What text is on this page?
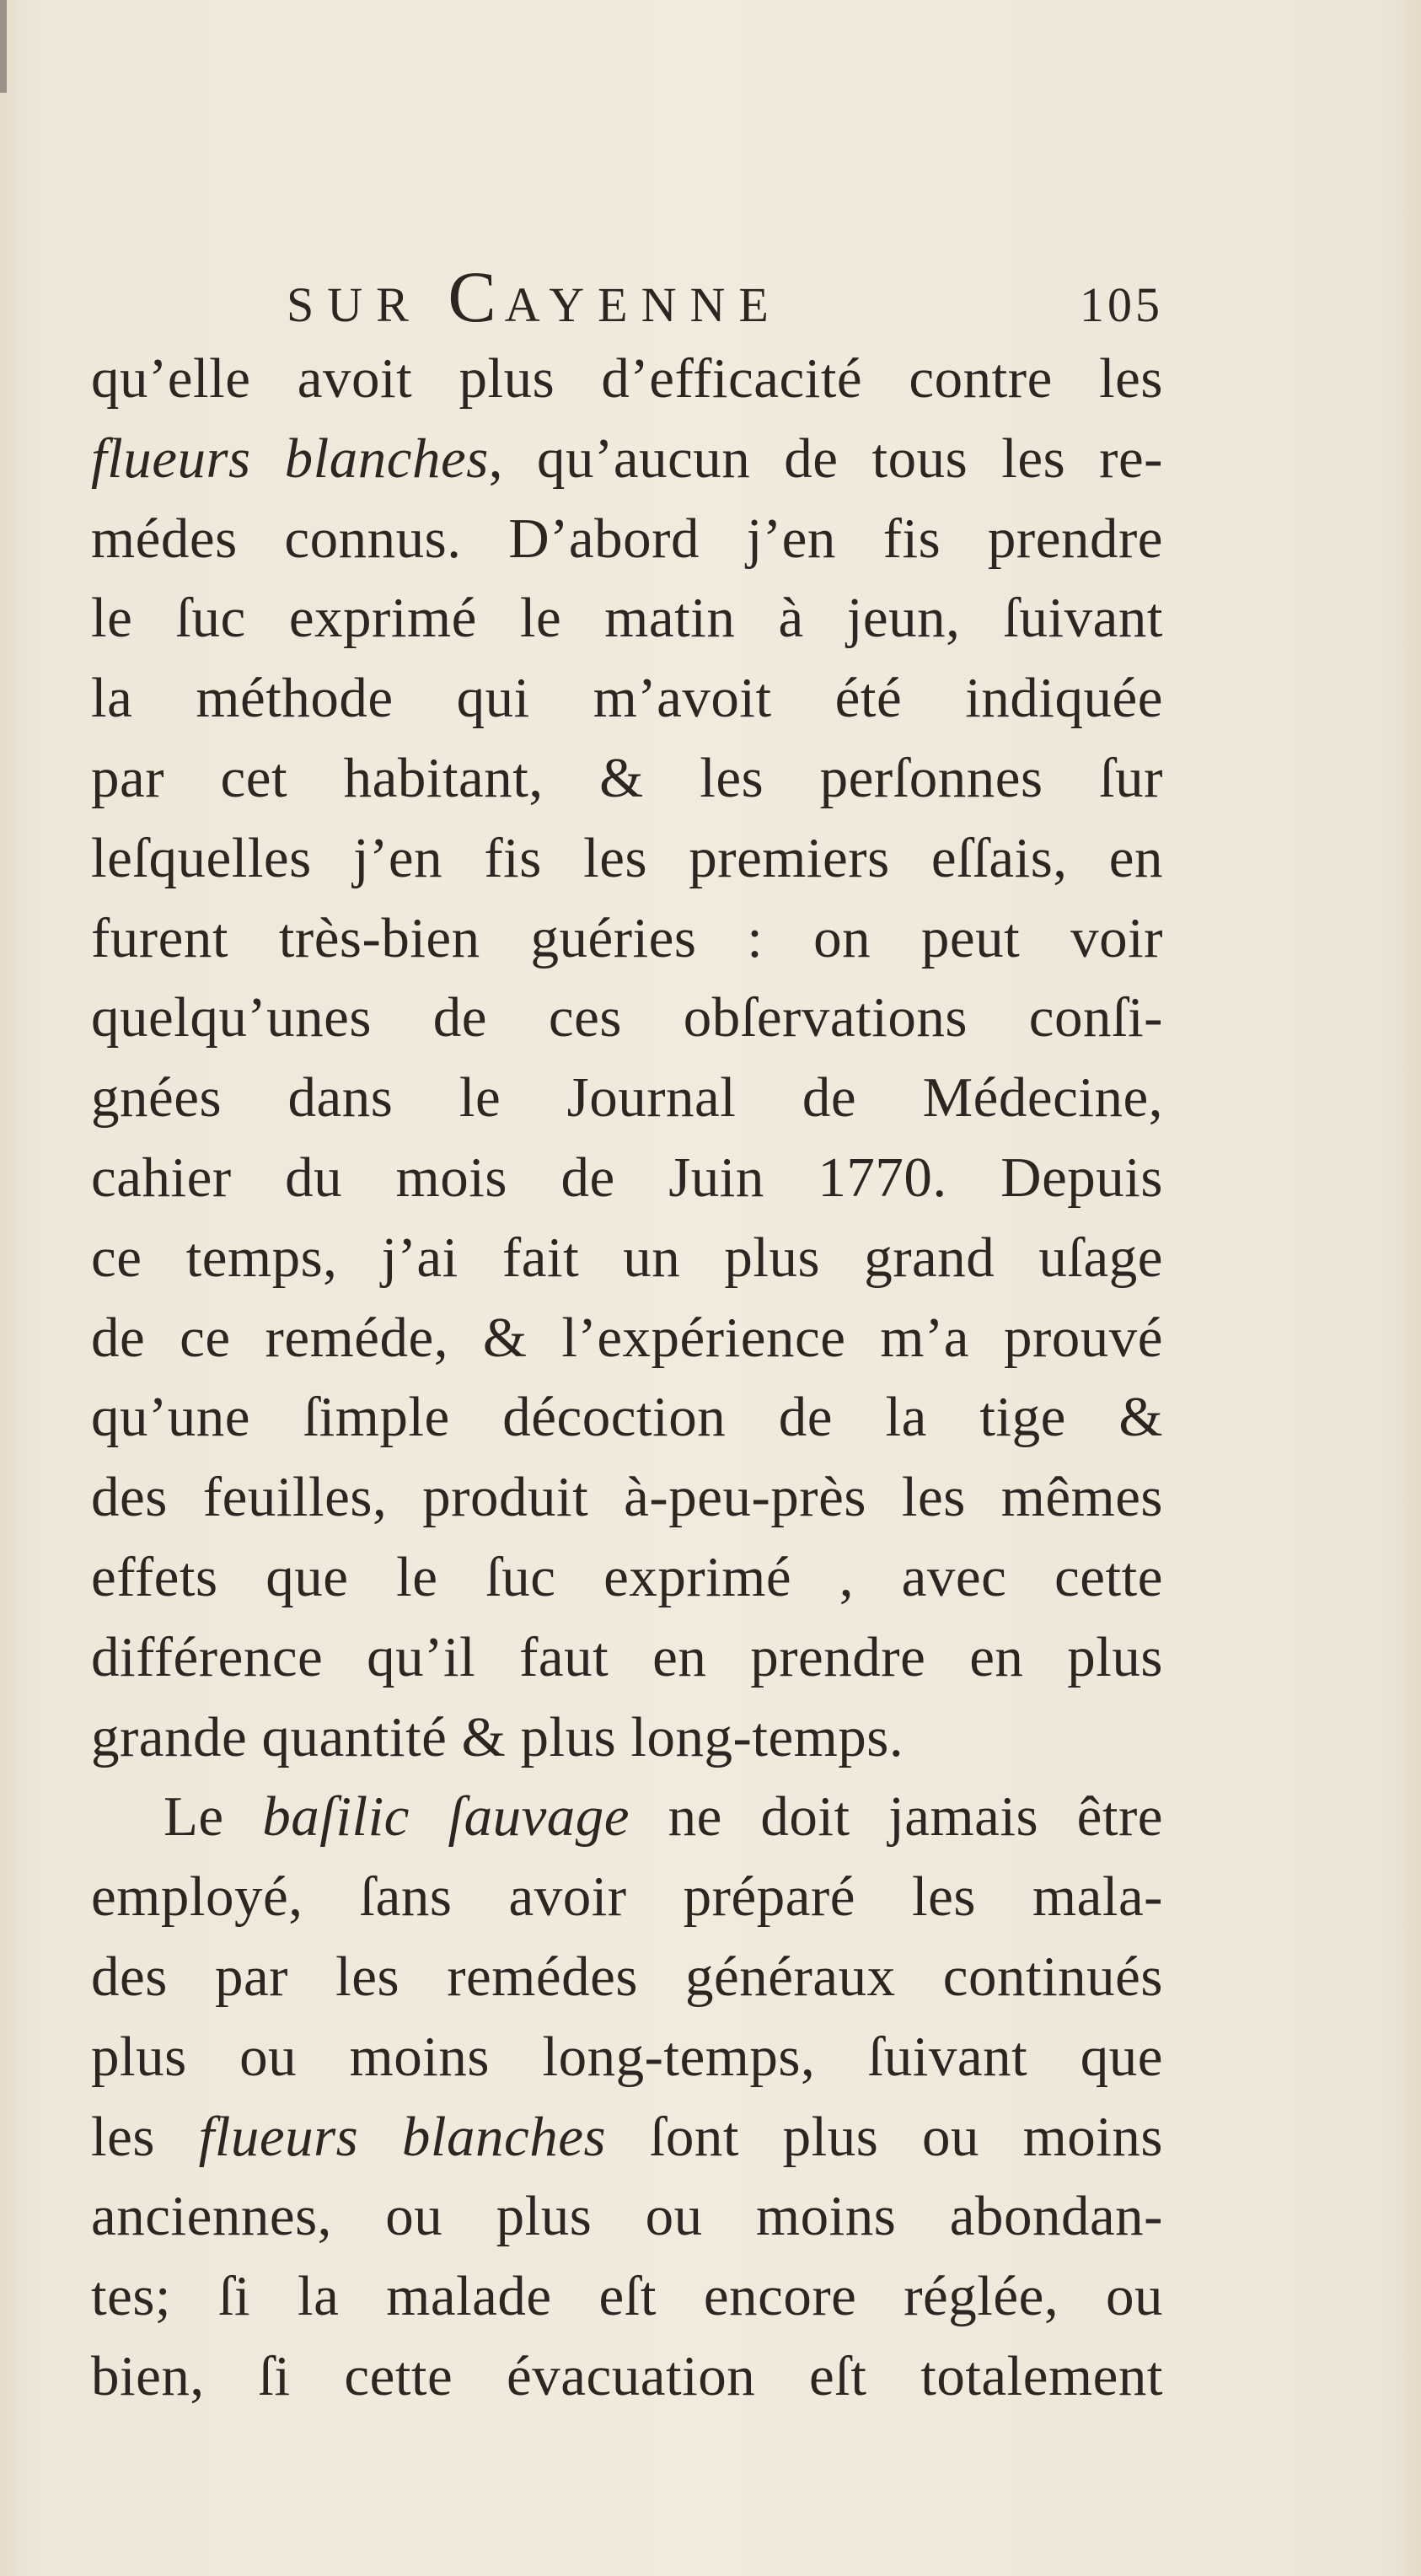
SUR CAYENNE	105
qu’elle avoit plus d’efficacité contre les
flueurs blanches, qu’aucun de tous les re-
médes connus. D’abord j’en fis prendre
le ſuc exprimé le matin à jeun, ſuivant
la méthode qui m’avoit été indiquée
par cet habitant, & les perſonnes ſur
leſquelles j’en fis les premiers eſſais, en
furent très-bien guéries : on peut voir
quelqu’unes de ces obſervations conſi-
gnées dans le Journal de Médecine,
cahier du mois de Juin 1770. Depuis
ce temps, j’ai fait un plus grand uſage
de ce reméde, & l’expérience m’a prouvé
qu’une ſimple décoction de la tige &
des feuilles, produit à-peu-près les mêmes
effets que le ſuc exprimé , avec cette
différence qu’il faut en prendre en plus
grande quantité & plus long-temps.
Le baſilic ſauvage ne doit jamais être
employé, ſans avoir préparé les mala-
des par les remédes généraux continués
plus ou moins long-temps, ſuivant que
les flueurs blanches ſont plus ou moins
anciennes, ou plus ou moins abondan-
tes; ſi la malade eſt encore réglée, ou
bien, ſi cette évacuation eſt totalement
